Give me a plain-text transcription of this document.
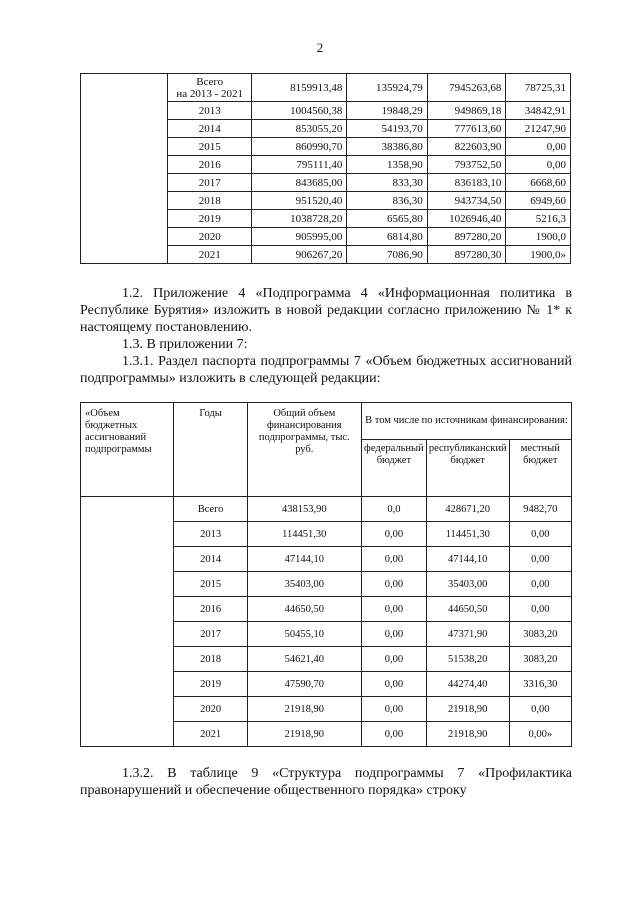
2
	Всего
на 2013 - 2021	8159913,48	135924,79	7945263,68	78725,31
	2013	1004560,38	19848,29	949869,18	34842,91
	2014	853055,20	54193,70	777613,60	21247,90
	2015	860990,70	38386,80	822603,90	0,00
	2016	795111,40	1358,90	793752,50	0,00
	2017	843685,00	833,30	836183,10	6668,60
	2018	951520,40	836,30	943734,50	6949,60
	2019	1038728,20	6565,80	1026946,40	5216,3
	2020	905995,00	6814,80	897280,20	1900,0
	2021	906267,20	7086,90	897280,30	1900,0»

1.2. Приложение 4 «Подпрограмма 4 «Информационная политика в Республике Бурятия» изложить в новой редакции согласно приложению № 1* к настоящему постановлению.

1.3. В приложении 7:

1.3.1. Раздел паспорта подпрограммы 7 «Объем бюджетных ассигнований подпрограммы» изложить в следующей редакции:

«Объем бюджетных ассигнований подпрограммы	Годы	Общий объем финансирования подпрограммы, тыс. руб.	В том числе по источникам финансирования:		
			федеральный бюджет	республиканский бюджет	местный бюджет
	Всего	438153,90	0,0	428671,20	9482,70
	2013	114451,30	0,00	114451,30	0,00
	2014	47144,10	0,00	47144,10	0,00
	2015	35403,00	0,00	35403,00	0,00
	2016	44650,50	0,00	44650,50	0,00
	2017	50455,10	0,00	47371,90	3083,20
	2018	54621,40	0,00	51538,20	3083,20
	2019	47590,70	0,00	44274,40	3316,30
	2020	21918,90	0,00	21918,90	0,00
	2021	21918,90	0,00	21918,90	0,00»

1.3.2. В таблице 9 «Структура подпрограммы 7 «Профилактика правонарушений и обеспечение общественного порядка» строку
